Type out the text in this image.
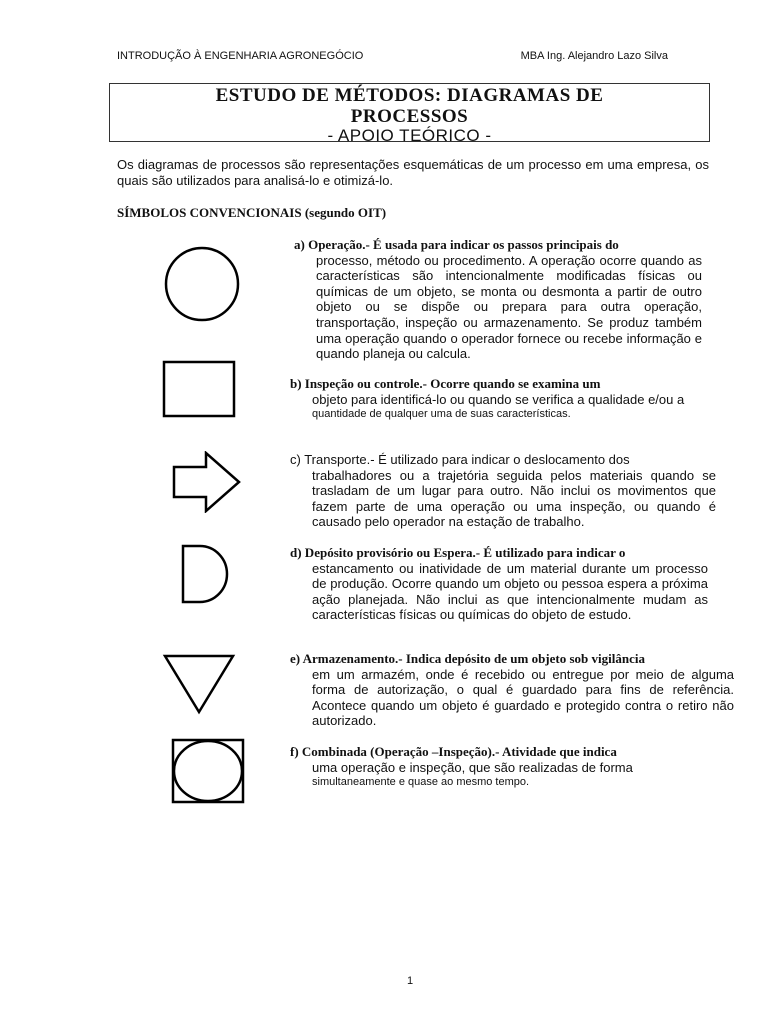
INTRODUÇÃO À ENGENHARIA AGRONEGÓCIO	MBA Ing. Alejandro Lazo Silva
ESTUDO DE MÉTODOS: DIAGRAMAS DE
PROCESSOS
- APOIO TEÓRICO -
Os diagramas de processos são representações esquemáticas de um processo em uma empresa, os quais são utilizados para analisá-lo e otimizá-lo.
SÍMBOLOS CONVENCIONAIS (segundo OIT)
a) Operação.- É usada para indicar os passos principais do
processo, método ou procedimento. A operação ocorre quando as características são intencionalmente modificadas físicas ou químicas de um objeto, se monta ou desmonta a partir de outro objeto ou se dispõe ou prepara para outra operação, transportação, inspeção ou armazenamento. Se produz também uma operação quando o operador fornece ou recebe informação e quando planeja ou calcula.
b) Inspeção ou controle.- Ocorre quando se examina um
objeto para identificá-lo ou quando se verifica a qualidade e/ou a
quantidade de qualquer uma de suas características.
c) Transporte.- É utilizado para indicar o deslocamento dos
trabalhadores ou a trajetória seguida pelos materiais quando se trasladam de um lugar para outro. Não inclui os movimentos que fazem parte de uma operação ou uma inspeção, ou quando é causado pelo operador na estação de trabalho.
d) Depósito provisório ou Espera.- É utilizado para indicar o
estancamento ou inatividade de um material durante um processo de produção. Ocorre quando um objeto ou pessoa espera a próxima ação planejada. Não inclui as que intencionalmente mudam as características físicas ou químicas do objeto de estudo.
e) Armazenamento.- Indica depósito de um objeto sob vigilância
em um armazém, onde é recebido ou entregue por meio de alguma forma de autorização, o qual é guardado para fins de referência. Acontece quando um objeto é guardado e protegido contra o retiro não autorizado.
f) Combinada (Operação –Inspeção).- Atividade que indica
uma operação e inspeção, que são realizadas de forma
simultaneamente e quase ao mesmo tempo.
1
